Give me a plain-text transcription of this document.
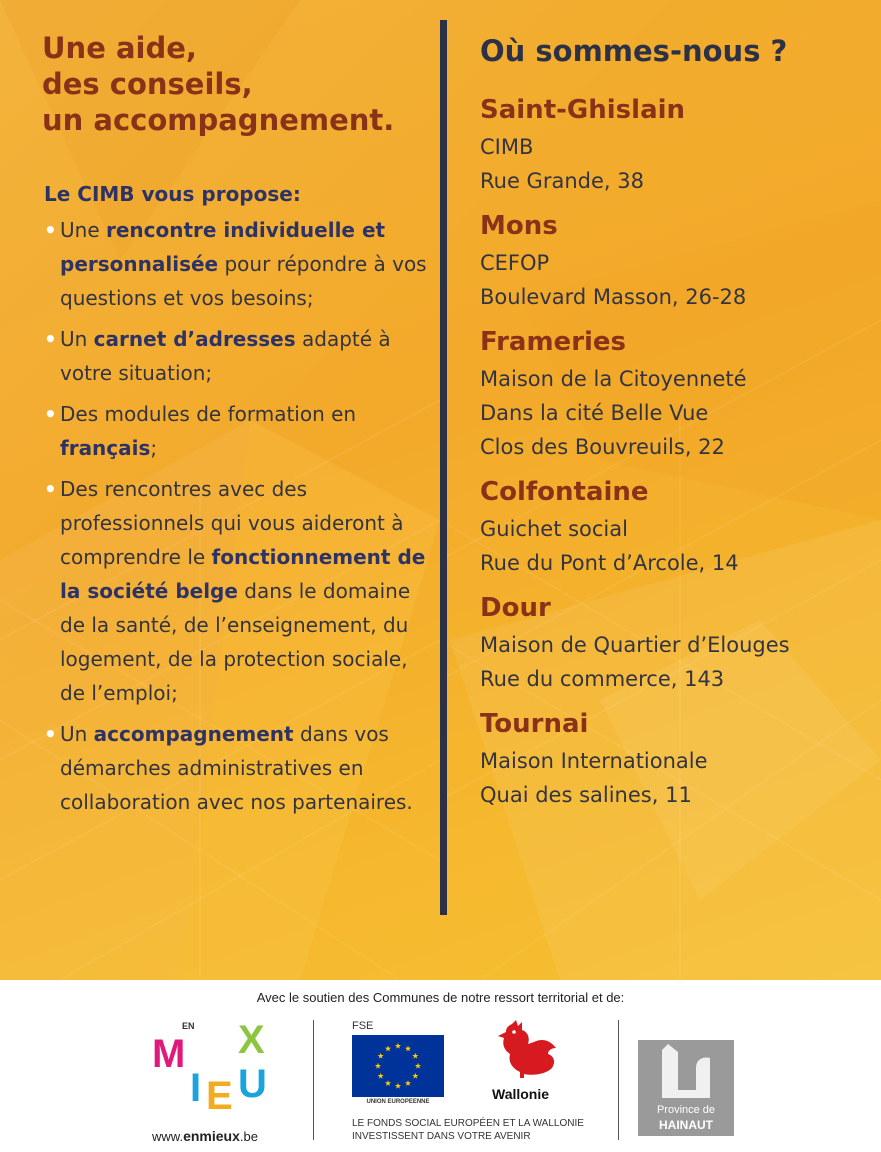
Une aide,
des conseils,
un accompagnement.
Le CIMB vous propose:
• Une rencontre individuelle et personnalisée pour répondre à vos questions et vos besoins;
• Un carnet d’adresses adapté à votre situation;
• Des modules de formation en français;
• Des rencontres avec des professionnels qui vous aideront à comprendre le fonctionnement de la société belge dans le domaine de la santé, de l’enseignement, du logement, de la protection sociale, de l’emploi;
• Un accompagnement dans vos démarches administratives en collaboration avec nos partenaires.
Où sommes-nous ?
Saint-Ghislain
CIMB
Rue Grande, 38
Mons
CEFOP
Boulevard Masson, 26-28
Frameries
Maison de la Citoyenneté
Dans la cité Belle Vue
Clos des Bouvreuils, 22
Colfontaine
Guichet social
Rue du Pont d’Arcole, 14
Dour
Maison de Quartier d’Elouges
Rue du commerce, 143
Tournai
Maison Internationale
Quai des salines, 11
Avec le soutien des Communes de notre ressort territorial et de:
M
I E U
X
EN
www.enmieux.be
FSE
UNION EUROPEENNE
LE FONDS SOCIAL EUROPÉEN ET LA WALLONIE
INVESTISSENT DANS VOTRE AVENIR
Wallonie
Province de
HAINAUT
